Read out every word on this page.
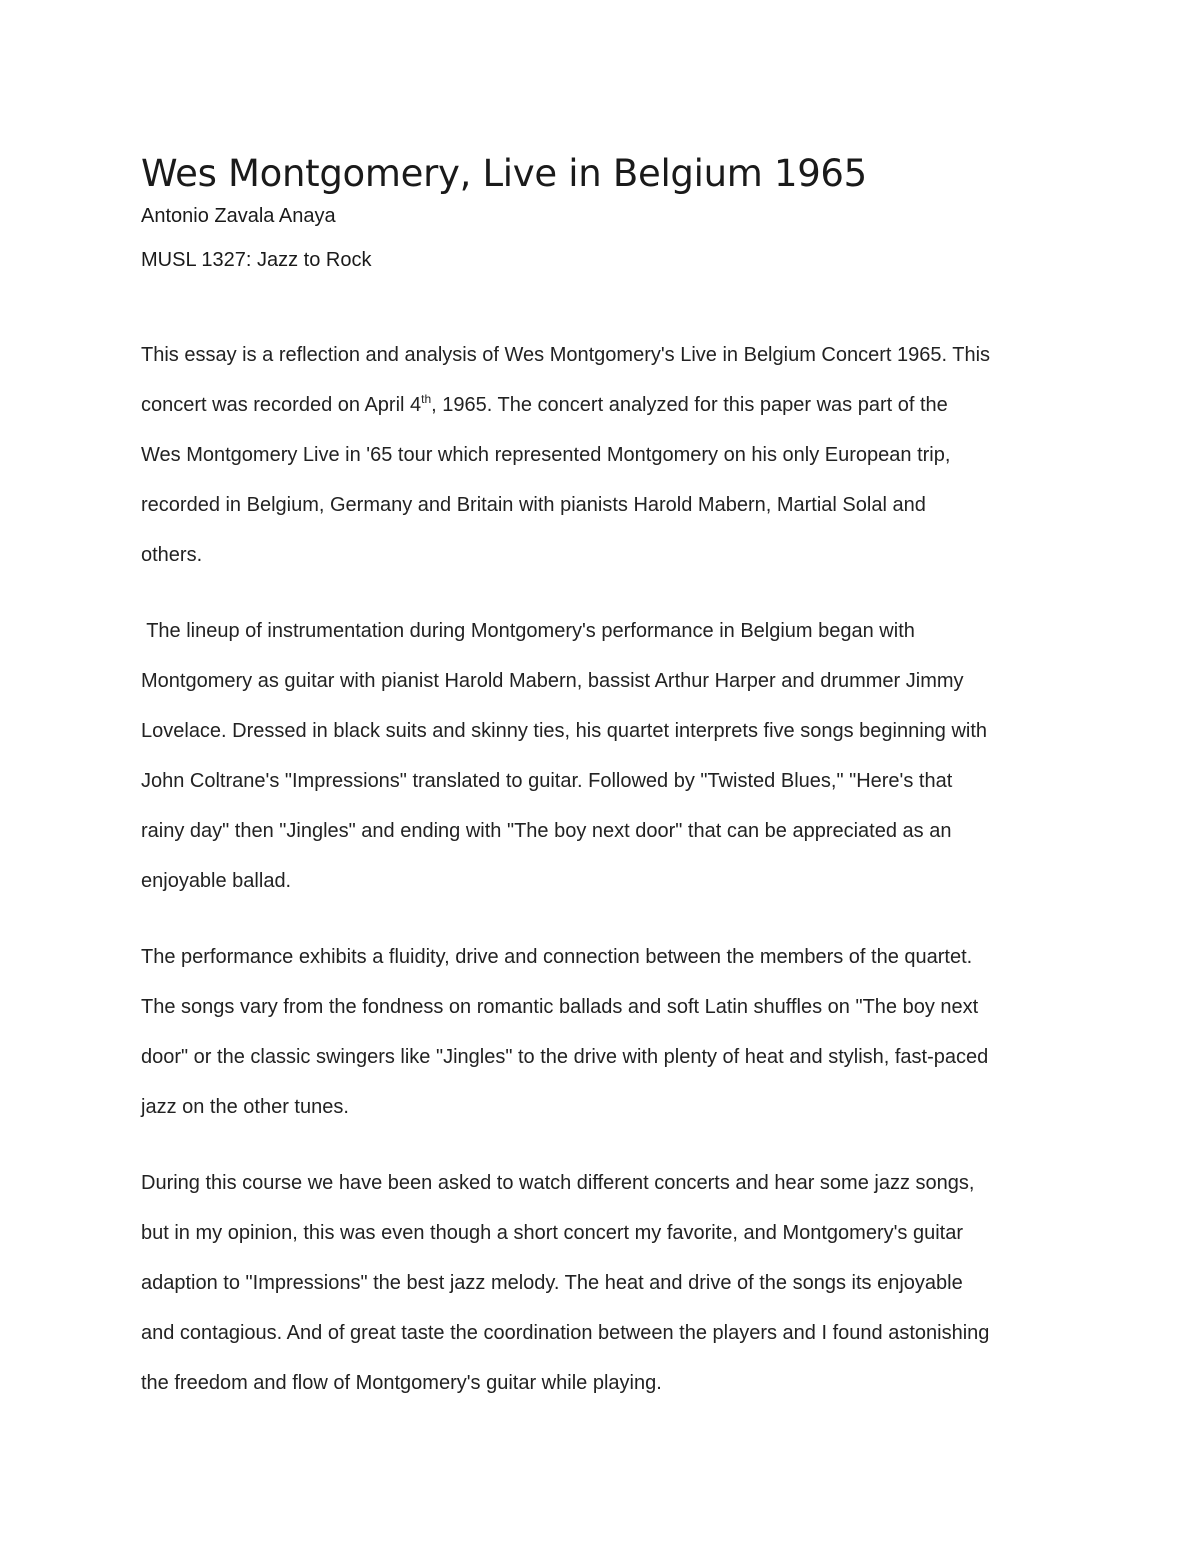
Wes Montgomery, Live in Belgium 1965

Antonio Zavala Anaya

MUSL 1327: Jazz to Rock

This essay is a reflection and analysis of Wes Montgomery's Live in Belgium Concert 1965. This
concert was recorded on April 4th, 1965. The concert analyzed for this paper was part of the
Wes Montgomery Live in '65 tour which represented Montgomery on his only European trip,
recorded in Belgium, Germany and Britain with pianists Harold Mabern, Martial Solal and
others.

The lineup of instrumentation during Montgomery's performance in Belgium began with
Montgomery as guitar with pianist Harold Mabern, bassist Arthur Harper and drummer Jimmy
Lovelace. Dressed in black suits and skinny ties, his quartet interprets five songs beginning with
John Coltrane's "Impressions" translated to guitar. Followed by "Twisted Blues," "Here's that
rainy day" then "Jingles" and ending with "The boy next door" that can be appreciated as an
enjoyable ballad.

The performance exhibits a fluidity, drive and connection between the members of the quartet.
The songs vary from the fondness on romantic ballads and soft Latin shuffles on "The boy next
door" or the classic swingers like "Jingles" to the drive with plenty of heat and stylish, fast-paced
jazz on the other tunes.

During this course we have been asked to watch different concerts and hear some jazz songs,
but in my opinion, this was even though a short concert my favorite, and Montgomery's guitar
adaption to "Impressions" the best jazz melody. The heat and drive of the songs its enjoyable
and contagious. And of great taste the coordination between the players and I found astonishing
the freedom and flow of Montgomery's guitar while playing.
